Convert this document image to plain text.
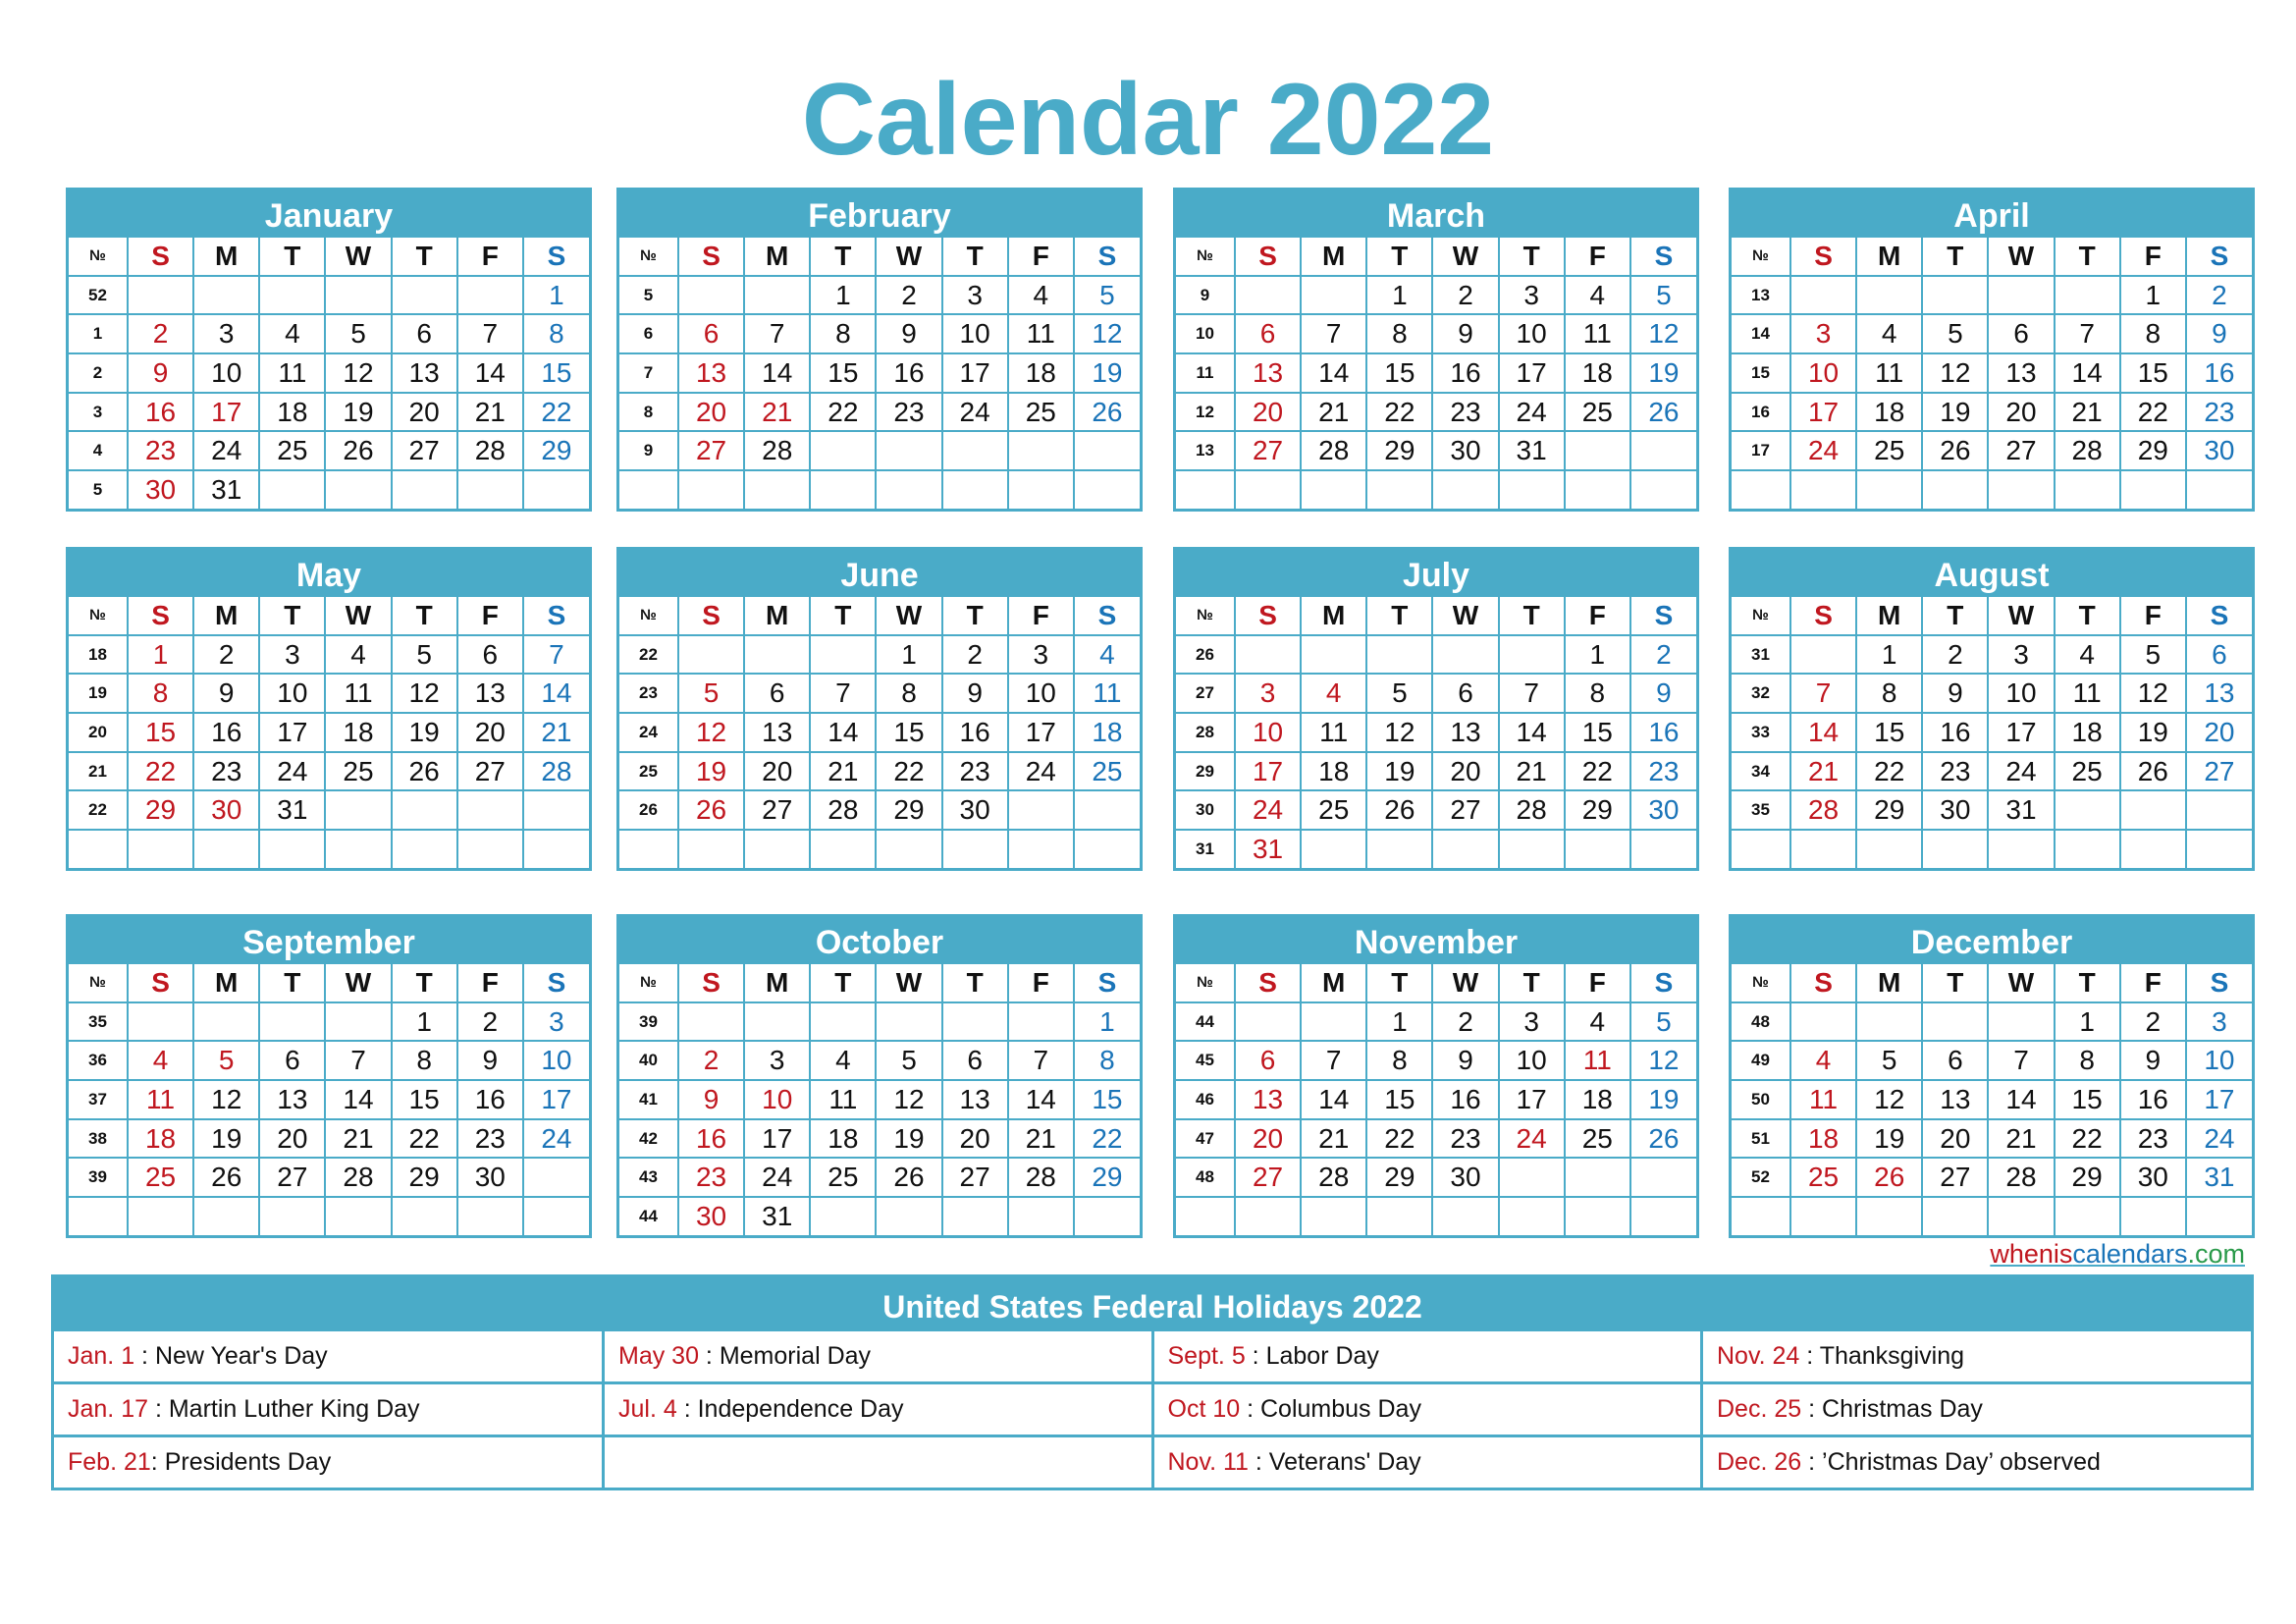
Calendar 2022
January
№	S	M	T	W	T	F	S
52							1
1	2	3	4	5	6	7	8
2	9	10	11	12	13	14	15
3	16	17	18	19	20	21	22
4	23	24	25	26	27	28	29
5	30	31					
February
№	S	M	T	W	T	F	S
5			1	2	3	4	5
6	6	7	8	9	10	11	12
7	13	14	15	16	17	18	19
8	20	21	22	23	24	25	26
9	27	28					

March
№	S	M	T	W	T	F	S
9			1	2	3	4	5
10	6	7	8	9	10	11	12
11	13	14	15	16	17	18	19
12	20	21	22	23	24	25	26
13	27	28	29	30	31		

April
№	S	M	T	W	T	F	S
13						1	2
14	3	4	5	6	7	8	9
15	10	11	12	13	14	15	16
16	17	18	19	20	21	22	23
17	24	25	26	27	28	29	30

May
№	S	M	T	W	T	F	S
18	1	2	3	4	5	6	7
19	8	9	10	11	12	13	14
20	15	16	17	18	19	20	21
21	22	23	24	25	26	27	28
22	29	30	31				

June
№	S	M	T	W	T	F	S
22				1	2	3	4
23	5	6	7	8	9	10	11
24	12	13	14	15	16	17	18
25	19	20	21	22	23	24	25
26	26	27	28	29	30		

July
№	S	M	T	W	T	F	S
26						1	2
27	3	4	5	6	7	8	9
28	10	11	12	13	14	15	16
29	17	18	19	20	21	22	23
30	24	25	26	27	28	29	30
31	31						
August
№	S	M	T	W	T	F	S
31		1	2	3	4	5	6
32	7	8	9	10	11	12	13
33	14	15	16	17	18	19	20
34	21	22	23	24	25	26	27
35	28	29	30	31			

September
№	S	M	T	W	T	F	S
35					1	2	3
36	4	5	6	7	8	9	10
37	11	12	13	14	15	16	17
38	18	19	20	21	22	23	24
39	25	26	27	28	29	30	

October
№	S	M	T	W	T	F	S
39							1
40	2	3	4	5	6	7	8
41	9	10	11	12	13	14	15
42	16	17	18	19	20	21	22
43	23	24	25	26	27	28	29
44	30	31					
November
№	S	M	T	W	T	F	S
44			1	2	3	4	5
45	6	7	8	9	10	11	12
46	13	14	15	16	17	18	19
47	20	21	22	23	24	25	26
48	27	28	29	30			

December
№	S	M	T	W	T	F	S
48					1	2	3
49	4	5	6	7	8	9	10
50	11	12	13	14	15	16	17
51	18	19	20	21	22	23	24
52	25	26	27	28	29	30	31

wheniscalendars.com
United States Federal Holidays 2022
Jan. 1 : New Year's Day	May 30 : Memorial Day	Sept. 5 : Labor Day	Nov. 24 : Thanksgiving
Jan. 17 : Martin Luther King Day	Jul. 4 : Independence Day	Oct 10 : Columbus Day	Dec. 25 : Christmas Day
Feb. 21: Presidents Day		Nov. 11 : Veterans' Day	Dec. 26 : ’Christmas Day’ observed
